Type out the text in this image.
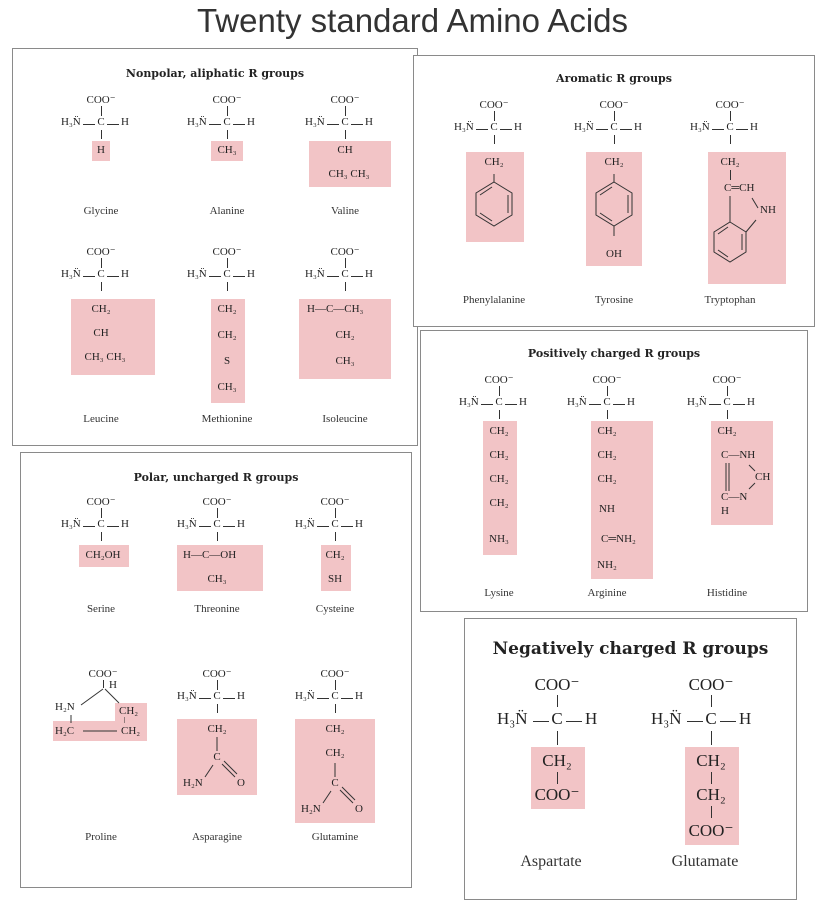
Twenty standard Amino Acids
Nonpolar, aliphatic R groups
COO⁻
H₃N̈ C H
H
Glycine
COO⁻
H₃N̈ C H
CH₃
Alanine
COO⁻
H₃N̈ C H
CH
CH₃ CH₃
Valine
COO⁻
H₃N̈ C H
CH₂
CH
CH₃ CH₃
Leucine
COO⁻
H₃N̈ C H
CH₂
CH₂
S
CH₃
Methionine
COO⁻
H₃N̈ C H
H—C—CH₃
CH₂
CH₃
Isoleucine
Aromatic R groups
COO⁻
H₃N̈ C H
CH₂
Phenylalanine
COO⁻
H₃N̈ C H
CH₂
OH
Tyrosine
COO⁻
H₃N̈ C H
CH₂
C═CH
NH
Tryptophan
Positively charged R groups
COO⁻
H₃N̈ C H
CH₂
CH₂
CH₂
CH₂
NH₃
Lysine
COO⁻
H₃N̈ C H
CH₂
CH₂
CH₂
NH
C═NH₂
NH₂
Arginine
COO⁻
H₃N̈ C H
CH₂
C—NH
CH
C—N
H
Histidine
Polar, uncharged R groups
COO⁻
H₃N̈ C H
CH₂OH
Serine
COO⁻
H₃N̈ C H
H—C—OH
CH₃
Threonine
COO⁻
H₃N̈ C H
CH₂
SH
Cysteine
COO⁻
H
H₂N	CH₂
H₂C	CH₂
Proline
COO⁻
H₃N̈ C H
CH₂
C
H₂N	O
Asparagine
COO⁻
H₃N̈ C H
CH₂
CH₂
C
H₂N	O
Glutamine
Negatively charged R groups
COO⁻
H₃N̈ C H
CH₂
COO⁻
Aspartate
COO⁻
H₃N̈ C H
CH₂
CH₂
COO⁻
Glutamate
